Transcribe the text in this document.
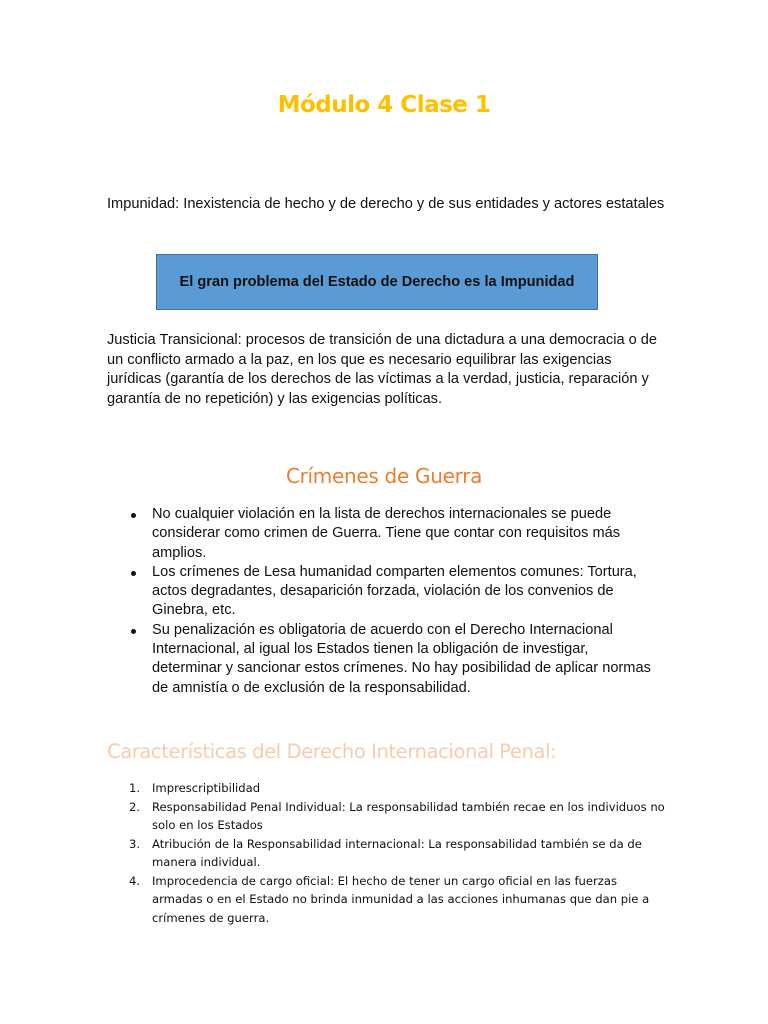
Módulo 4 Clase 1
Impunidad: Inexistencia de hecho y de derecho y de sus entidades y actores estatales
El gran problema del Estado de Derecho es la Impunidad
Justicia Transicional: procesos de transición de una dictadura a una democracia o de un conflicto armado a la paz, en los que es necesario equilibrar las exigencias jurídicas (garantía de los derechos de las víctimas a la verdad, justicia, reparación y garantía de no repetición) y las exigencias políticas.
Crímenes de Guerra
No cualquier violación en la lista de derechos internacionales se puede considerar como crimen de Guerra. Tiene que contar con requisitos más amplios.
Los crímenes de Lesa humanidad comparten elementos comunes: Tortura, actos degradantes, desaparición forzada, violación de los convenios de Ginebra, etc.
Su penalización es obligatoria de acuerdo con el Derecho Internacional Internacional, al igual los Estados tienen la obligación de investigar, determinar y sancionar estos crímenes. No hay posibilidad de aplicar normas de amnistía o de exclusión de la responsabilidad.
Características del Derecho Internacional Penal:
1. Imprescriptibilidad
2. Responsabilidad Penal Individual: La responsabilidad también recae en los individuos no solo en los Estados
3. Atribución de la Responsabilidad internacional: La responsabilidad también se da de manera individual.
4. Improcedencia de cargo oficial: El hecho de tener un cargo oficial en las fuerzas armadas o en el Estado no brinda inmunidad a las acciones inhumanas que dan pie a crímenes de guerra.
